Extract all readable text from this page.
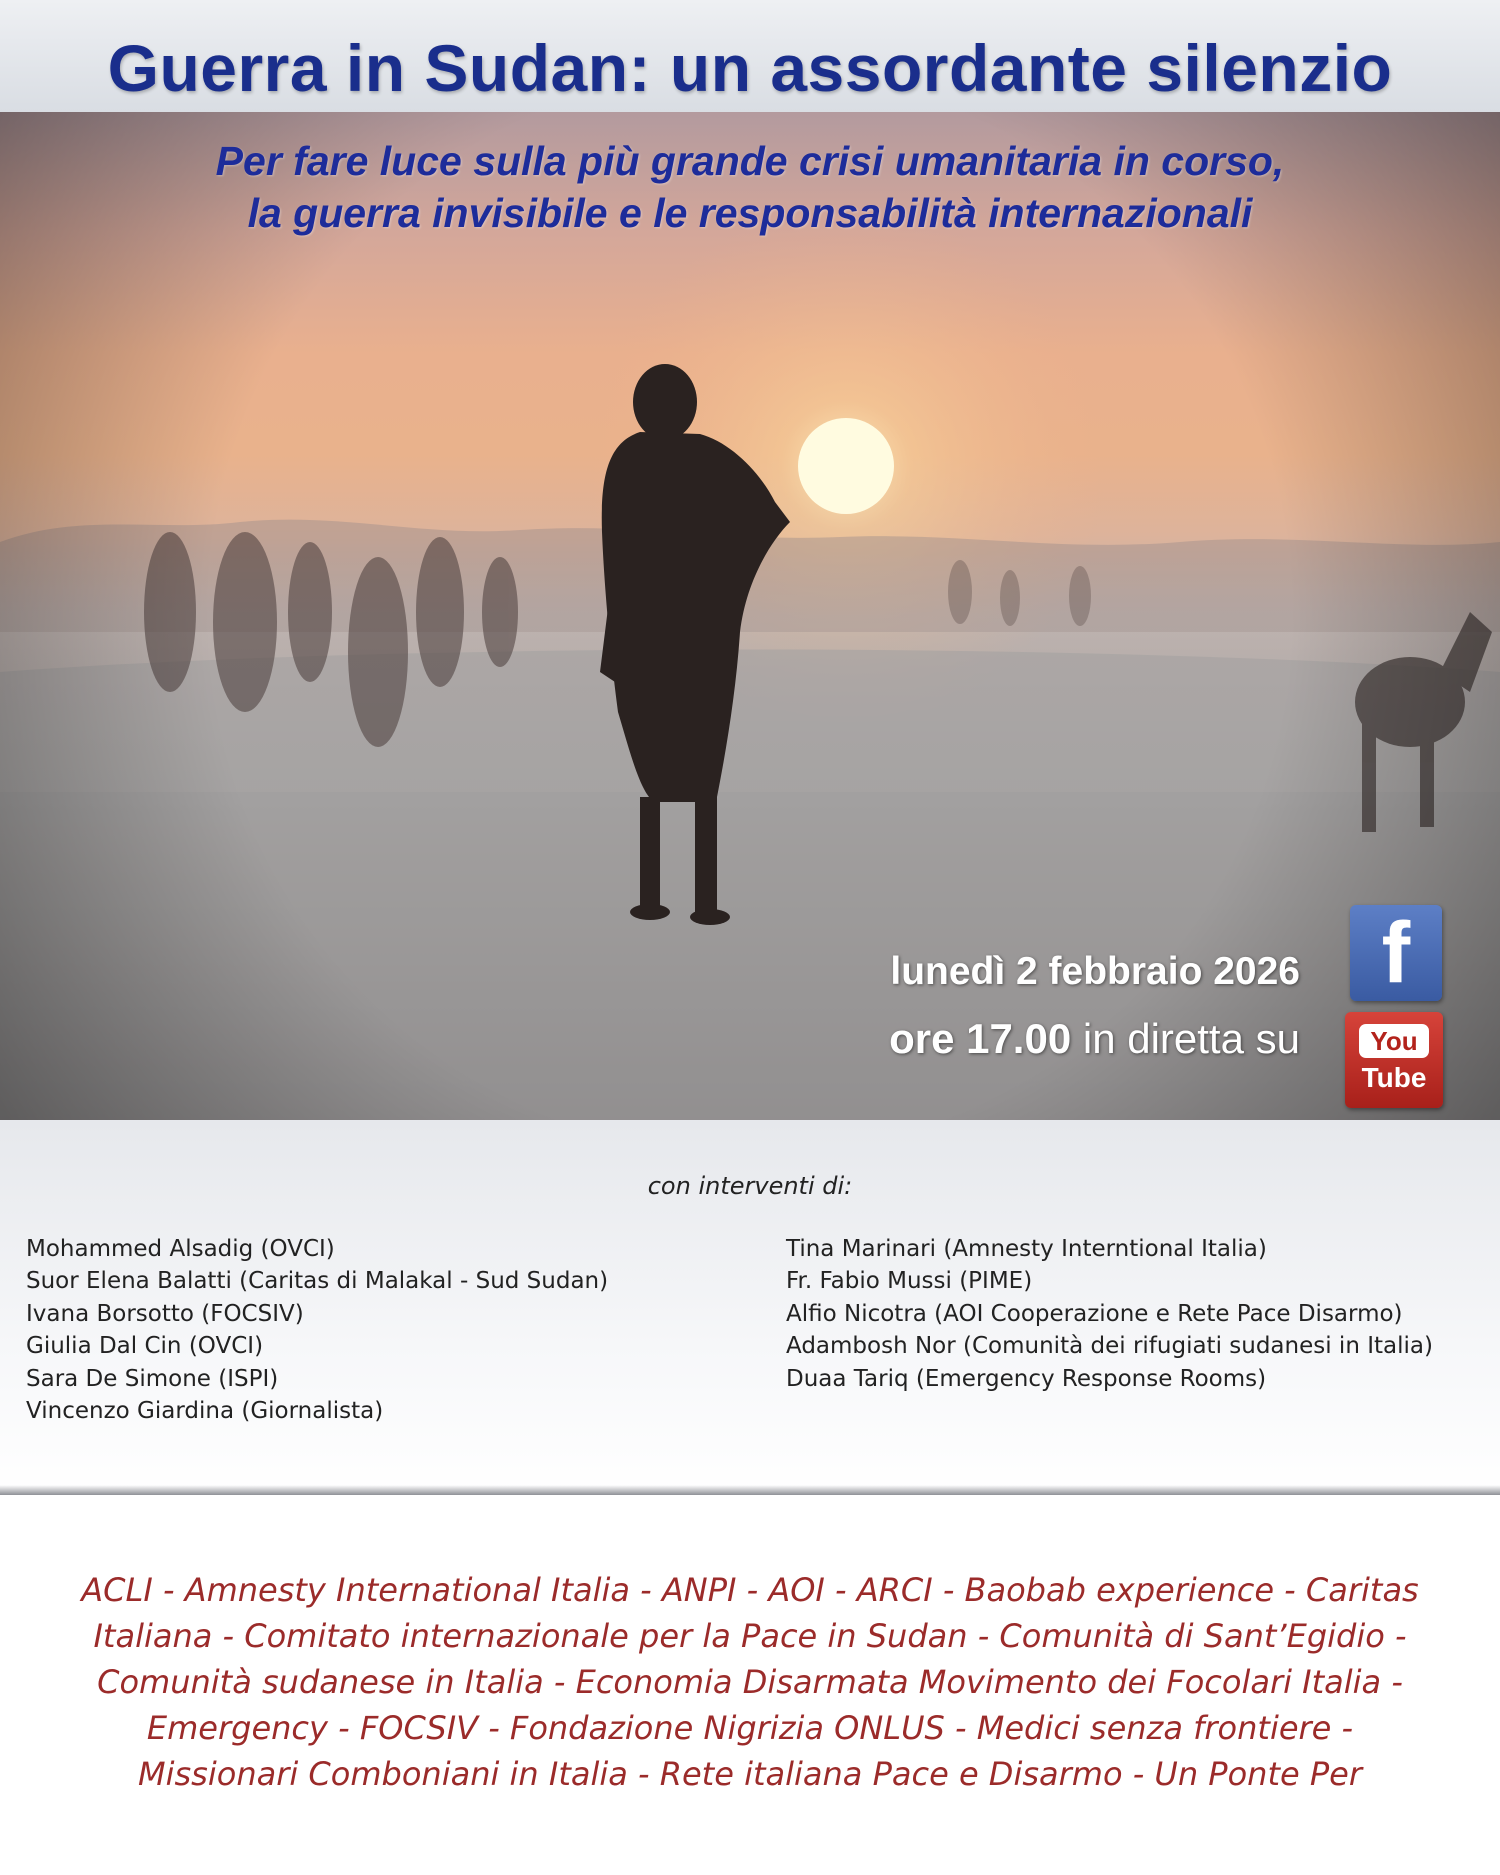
Guerra in Sudan: un assordante silenzio
Per fare luce sulla più grande crisi umanitaria in corso,
la guerra invisibile e le responsabilità internazionali
lunedì 2 febbraio 2026
ore 17.00 in diretta su
f
You
Tube
con interventi di:
Mohammed Alsadig (OVCI)
Suor Elena Balatti (Caritas di Malakal - Sud Sudan)
Ivana Borsotto (FOCSIV)
Giulia Dal Cin (OVCI)
Sara De Simone (ISPI)
Vincenzo Giardina (Giornalista)
Tina Marinari (Amnesty Interntional Italia)
Fr. Fabio Mussi (PIME)
Alfio Nicotra (AOI Cooperazione e Rete Pace Disarmo)
Adambosh Nor (Comunità dei rifugiati sudanesi in Italia)
Duaa Tariq (Emergency Response Rooms)
ACLI - Amnesty International Italia - ANPI - AOI - ARCI - Baobab experience - Caritas
Italiana - Comitato internazionale per la Pace in Sudan - Comunità di Sant’Egidio -
Comunità sudanese in Italia - Economia Disarmata Movimento dei Focolari Italia -
Emergency - FOCSIV - Fondazione Nigrizia ONLUS - Medici senza frontiere -
Missionari Comboniani in Italia - Rete italiana Pace e Disarmo - Un Ponte Per
